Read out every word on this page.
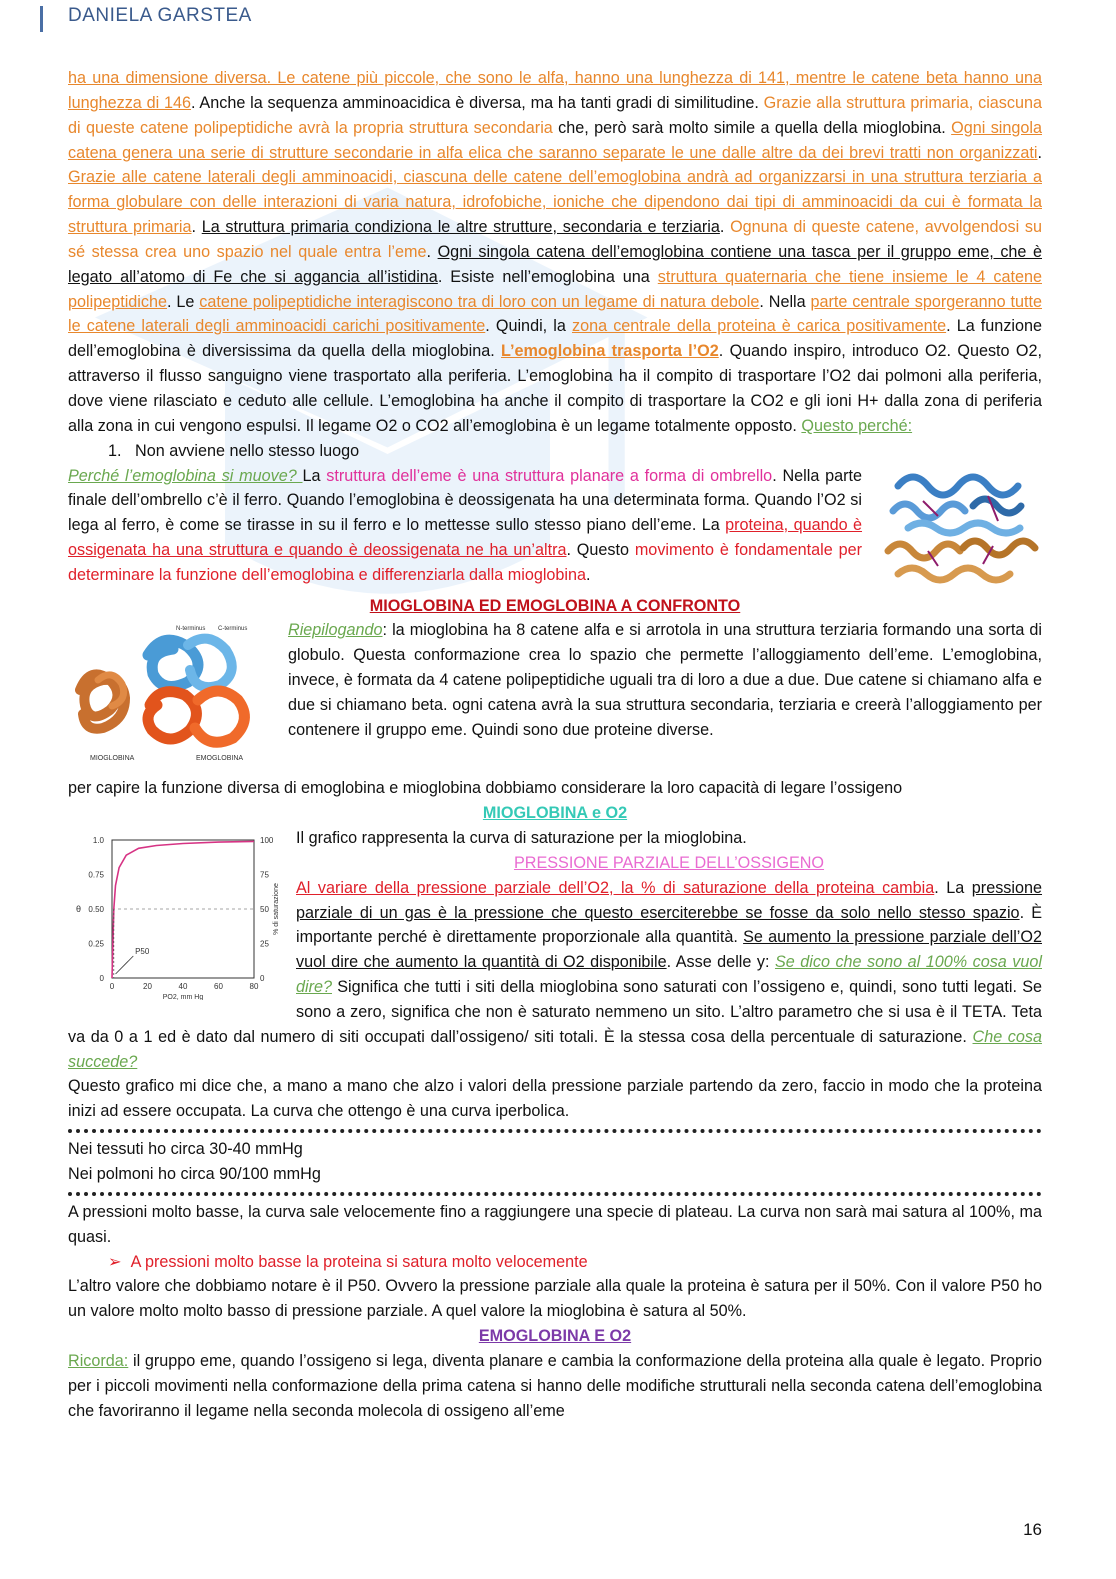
DANIELA GARSTEA

ha una dimensione diversa. Le catene più piccole, che sono le alfa, hanno una lunghezza di 141, mentre le catene beta hanno una lunghezza di 146. Anche la sequenza amminoacidica è diversa, ma ha tanti gradi di similitudine. Grazie alla struttura primaria, ciascuna di queste catene polipeptidiche avrà la propria struttura secondaria che, però sarà molto simile a quella della mioglobina. Ogni singola catena genera una serie di strutture secondarie in alfa elica che saranno separate le une dalle altre da dei brevi tratti non organizzati. Grazie alle catene laterali degli amminoacidi, ciascuna delle catene dell’emoglobina andrà ad organizzarsi in una struttura terziaria a forma globulare con delle interazioni di varia natura, idrofobiche, ioniche che dipendono dai tipi di amminoacidi da cui è formata la struttura primaria. La struttura primaria condiziona le altre strutture, secondaria e terziaria. Ognuna di queste catene, avvolgendosi su sé stessa crea uno spazio nel quale entra l’eme. Ogni singola catena dell’emoglobina contiene una tasca per il gruppo eme, che è legato all’atomo di Fe che si aggancia all’istidina. Esiste nell’emoglobina una struttura quaternaria che tiene insieme le 4 catene polipeptidiche. Le catene polipeptidiche interagiscono tra di loro con un legame di natura debole. Nella parte centrale sporgeranno tutte le catene laterali degli amminoacidi carichi positivamente. Quindi, la zona centrale della proteina è carica positivamente. La funzione dell’emoglobina è diversissima da quella della mioglobina. L’emoglobina trasporta l’O2. Quando inspiro, introduco O2. Questo O2, attraverso il flusso sanguigno viene trasportato alla periferia. L’emoglobina ha il compito di trasportare l’O2 dai polmoni alla periferia, dove viene rilasciato e ceduto alle cellule. L’emoglobina ha anche il compito di trasportare la CO2 e gli ioni H+ dalla zona di periferia alla zona in cui vengono espulsi. Il legame O2 o CO2 all’emoglobina è un legame totalmente opposto. Questo perché:

1. Non avviene nello stesso luogo

Perché l’emoglobina si muove? La struttura dell’eme è una struttura planare a forma di ombrello. Nella parte finale dell’ombrello c’è il ferro. Quando l’emoglobina è deossigenata ha una determinata forma. Quando l’O2 si lega al ferro, è come se tirasse in su il ferro e lo mettesse sullo stesso piano dell’eme. La proteina, quando è ossigenata ha una struttura e quando è deossigenata ne ha un’altra. Questo movimento è fondamentale per determinare la funzione dell’emoglobina e differenziarla dalla mioglobina.

MIOGLOBINA ED EMOGLOBINA A CONFRONTO

MIOGLOBINA	EMOGLOBINA
N-terminus C-terminus	Riepilogando: la mioglobina ha 8 catene alfa e si arrotola in una struttura terziaria formando una sorta di globulo. Questa conformazione crea lo spazio che permette l’alloggiamento dell’eme. L’emoglobina, invece, è formata da 4 catene polipeptidiche uguali tra di loro a due a due. Due catene si chiamano alfa e due si chiamano beta. ogni catena avrà la sua struttura secondaria, terziaria e creerà l’alloggiamento per contenere il gruppo eme. Quindi sono due proteine diverse.

per capire la funzione diversa di emoglobina e mioglobina dobbiamo considerare la loro capacità di legare l’ossigeno

MIOGLOBINA e O2

0
0.25
0.50
0.75
1.0
0
25
50
75
100
0	20	40	60	80
PO2, mm Hg
θ	% di saturazione
P50

Il grafico rappresenta la curva di saturazione per la mioglobina.

PRESSIONE PARZIALE DELL’OSSIGENO

Al variare della pressione parziale dell’O2, la % di saturazione della proteina cambia. La pressione parziale di un gas è la pressione che questo eserciterebbe se fosse da solo nello stesso spazio. È importante perché è direttamente proporzionale alla quantità. Se aumento la pressione parziale dell’O2 vuol dire che aumento la quantità di O2 disponibile. Asse delle y: Se dico che sono al 100% cosa vuol dire? Significa che tutti i siti della mioglobina sono saturati con l’ossigeno e, quindi, sono tutti legati. Se sono a zero, significa che non è saturato nemmeno un sito. L’altro parametro che si usa è il TETA. Teta va da 0 a 1 ed è dato dal numero di siti occupati dall’ossigeno/ siti totali. È la stessa cosa della percentuale di saturazione. Che cosa succede?

Questo grafico mi dice che, a mano a mano che alzo i valori della pressione parziale partendo da zero, faccio in modo che la proteina inizi ad essere occupata. La curva che ottengo è una curva iperbolica.

Nei tessuti ho circa 30-40 mmHg

Nei polmoni ho circa 90/100 mmHg

A pressioni molto basse, la curva sale velocemente fino a raggiungere una specie di plateau. La curva non sarà mai satura al 100%, ma quasi.

➢ A pressioni molto basse la proteina si satura molto velocemente

L’altro valore che dobbiamo notare è il P50. Ovvero la pressione parziale alla quale la proteina è satura per il 50%. Con il valore P50 ho un valore molto molto basso di pressione parziale. A quel valore la mioglobina è satura al 50%.

EMOGLOBINA E O2

Ricorda: il gruppo eme, quando l’ossigeno si lega, diventa planare e cambia la conformazione della proteina alla quale è legato. Proprio per i piccoli movimenti nella conformazione della prima catena si hanno delle modifiche strutturali nella seconda catena dell’emoglobina che favoriranno il legame nella seconda molecola di ossigeno all’eme

16
